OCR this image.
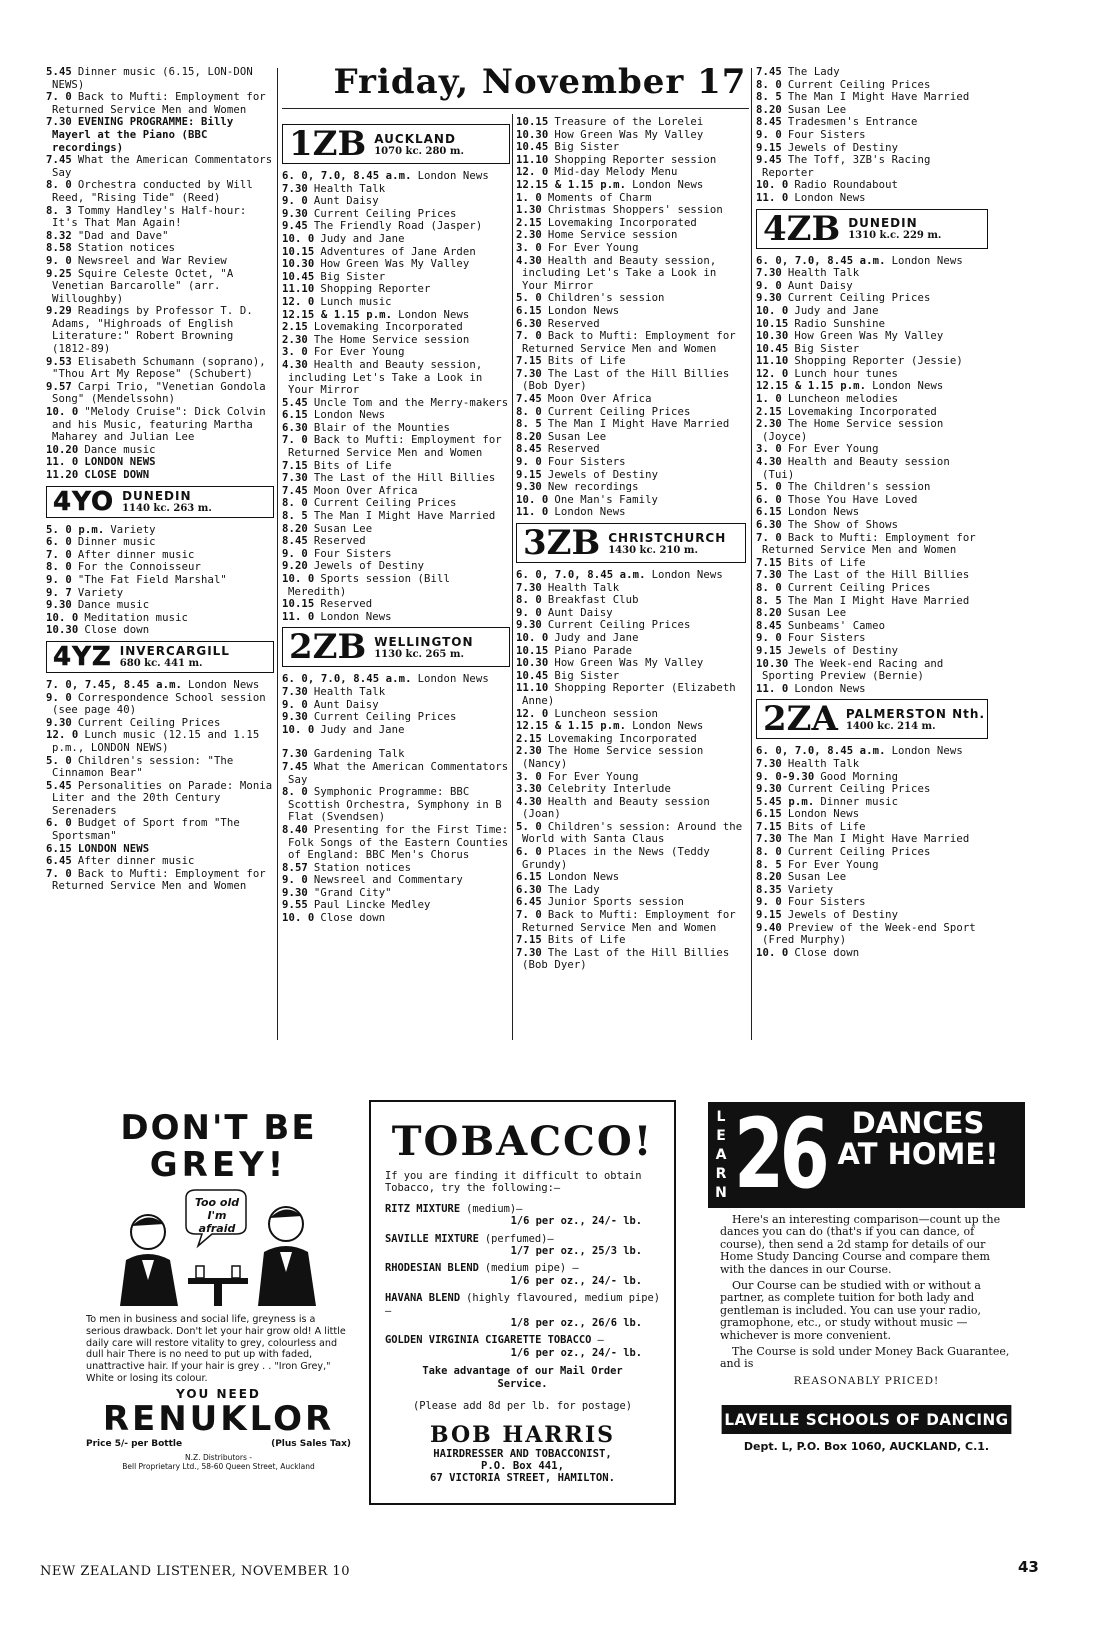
Friday, November 17
5.45 Dinner music (6.15, LON-DON NEWS)
7. 0 Back to Mufti: Employment for Returned Service Men and Women
7.30 EVENING PROGRAMME: Billy Mayerl at the Piano (BBC recordings)
7.45 What the American Commentators Say
8. 0 Orchestra conducted by Will Reed, "Rising Tide" (Reed)
8. 3 Tommy Handley's Half-hour: It's That Man Again!
8.32 "Dad and Dave"
8.58 Station notices
9. 0 Newsreel and War Review
9.25 Squire Celeste Octet, "A Venetian Barcarolle" (arr. Willoughby)
9.29 Readings by Professor T. D. Adams, "Highroads of English Literature:" Robert Browning (1812-89)
9.53 Elisabeth Schumann (soprano), "Thou Art My Repose" (Schubert)
9.57 Carpi Trio, "Venetian Gondola Song" (Mendelssohn)
10. 0 "Melody Cruise": Dick Colvin and his Music, featuring Martha Maharey and Julian Lee
10.20 Dance music
11. 0 LONDON NEWS
11.20 CLOSE DOWN
4YO DUNEDIN
1140 kc. 263 m.
5. 0 p.m. Variety
6. 0 Dinner music
7. 0 After dinner music
8. 0 For the Connoisseur
9. 0 "The Fat Field Marshal"
9. 7 Variety
9.30 Dance music
10. 0 Meditation music
10.30 Close down
4YZ INVERCARGILL
680 kc. 441 m.
7. 0, 7.45, 8.45 a.m. London News
9. 0 Correspondence School session (see page 40)
9.30 Current Ceiling Prices
12. 0 Lunch music (12.15 and 1.15 p.m., LONDON NEWS)
5. 0 Children's session: "The Cinnamon Bear"
5.45 Personalities on Parade: Monia Liter and the 20th Century Serenaders
6. 0 Budget of Sport from "The Sportsman"
6.15 LONDON NEWS
6.45 After dinner music
7. 0 Back to Mufti: Employment for Returned Service Men and Women
1ZB AUCKLAND
1070 kc. 280 m.
6. 0, 7.0, 8.45 a.m. London News
7.30 Health Talk
9. 0 Aunt Daisy
9.30 Current Ceiling Prices
9.45 The Friendly Road (Jasper)
10. 0 Judy and Jane
10.15 Adventures of Jane Arden
10.30 How Green Was My Valley
10.45 Big Sister
11.10 Shopping Reporter
12. 0 Lunch music
12.15 & 1.15 p.m. London News
2.15 Lovemaking Incorporated
2.30 The Home Service session
3. 0 For Ever Young
4.30 Health and Beauty session, including Let's Take a Look in Your Mirror
5.45 Uncle Tom and the Merry-makers
6.15 London News
6.30 Blair of the Mounties
7. 0 Back to Mufti: Employment for Returned Service Men and Women
7.15 Bits of Life
7.30 The Last of the Hill Billies
7.45 Moon Over Africa
8. 0 Current Ceiling Prices
8. 5 The Man I Might Have Married
8.20 Susan Lee
8.45 Reserved
9. 0 Four Sisters
9.20 Jewels of Destiny
10. 0 Sports session (Bill Meredith)
10.15 Reserved
11. 0 London News
2ZB WELLINGTON
1130 kc. 265 m.
6. 0, 7.0, 8.45 a.m. London News
7.30 Health Talk
9. 0 Aunt Daisy
9.30 Current Ceiling Prices
10. 0 Judy and Jane
7.30 Gardening Talk
7.45 What the American Commentators Say
8. 0 Symphonic Programme: BBC Scottish Orchestra, Symphony in B Flat (Svendsen)
8.40 Presenting for the First Time: Folk Songs of the Eastern Counties of England: BBC Men's Chorus
8.57 Station notices
9. 0 Newsreel and Commentary
9.30 "Grand City"
9.55 Paul Lincke Medley
10. 0 Close down
10.15 Treasure of the Lorelei
10.30 How Green Was My Valley
10.45 Big Sister
11.10 Shopping Reporter session
12. 0 Mid-day Melody Menu
12.15 & 1.15 p.m. London News
1. 0 Moments of Charm
1.30 Christmas Shoppers' session
2.15 Lovemaking Incorporated
2.30 Home Service session
3. 0 For Ever Young
4.30 Health and Beauty session, including Let's Take a Look in Your Mirror
5. 0 Children's session
6.15 London News
6.30 Reserved
7. 0 Back to Mufti: Employment for Returned Service Men and Women
7.15 Bits of Life
7.30 The Last of the Hill Billies (Bob Dyer)
7.45 Moon Over Africa
8. 0 Current Ceiling Prices
8. 5 The Man I Might Have Married
8.20 Susan Lee
8.45 Reserved
9. 0 Four Sisters
9.15 Jewels of Destiny
9.30 New recordings
10. 0 One Man's Family
11. 0 London News
3ZB CHRISTCHURCH
1430 kc. 210 m.
6. 0, 7.0, 8.45 a.m. London News
7.30 Health Talk
8. 0 Breakfast Club
9. 0 Aunt Daisy
9.30 Current Ceiling Prices
10. 0 Judy and Jane
10.15 Piano Parade
10.30 How Green Was My Valley
10.45 Big Sister
11.10 Shopping Reporter (Elizabeth Anne)
12. 0 Luncheon session
12.15 & 1.15 p.m. London News
2.15 Lovemaking Incorporated
2.30 The Home Service session (Nancy)
3. 0 For Ever Young
3.30 Celebrity Interlude
4.30 Health and Beauty session (Joan)
5. 0 Children's session: Around the World with Santa Claus
6. 0 Places in the News (Teddy Grundy)
6.15 London News
6.30 The Lady
6.45 Junior Sports session
7. 0 Back to Mufti: Employment for Returned Service Men and Women
7.15 Bits of Life
7.30 The Last of the Hill Billies (Bob Dyer)
7.45 The Lady
8. 0 Current Ceiling Prices
8. 5 The Man I Might Have Married
8.20 Susan Lee
8.45 Tradesmen's Entrance
9. 0 Four Sisters
9.15 Jewels of Destiny
9.45 The Toff, 3ZB's Racing Reporter
10. 0 Radio Roundabout
11. 0 London News
4ZB DUNEDIN
1310 k.c. 229 m.
6. 0, 7.0, 8.45 a.m. London News
7.30 Health Talk
9. 0 Aunt Daisy
9.30 Current Ceiling Prices
10. 0 Judy and Jane
10.15 Radio Sunshine
10.30 How Green Was My Valley
10.45 Big Sister
11.10 Shopping Reporter (Jessie)
12. 0 Lunch hour tunes
12.15 & 1.15 p.m. London News
1. 0 Luncheon melodies
2.15 Lovemaking Incorporated
2.30 The Home Service session (Joyce)
3. 0 For Ever Young
4.30 Health and Beauty session (Tui)
5. 0 The Children's session
6. 0 Those You Have Loved
6.15 London News
6.30 The Show of Shows
7. 0 Back to Mufti: Employment for Returned Service Men and Women
7.15 Bits of Life
7.30 The Last of the Hill Billies
8. 0 Current Ceiling Prices
8. 5 The Man I Might Have Married
8.20 Susan Lee
8.45 Sunbeams' Cameo
9. 0 Four Sisters
9.15 Jewels of Destiny
10.30 The Week-end Racing and Sporting Preview (Bernie)
11. 0 London News
2ZA PALMERSTON Nth.
1400 kc. 214 m.
6. 0, 7.0, 8.45 a.m. London News
7.30 Health Talk
9. 0-9.30 Good Morning
9.30 Current Ceiling Prices
5.45 p.m. Dinner music
6.15 London News
7.15 Bits of Life
7.30 The Man I Might Have Married
8. 0 Current Ceiling Prices
8. 5 For Ever Young
8.20 Susan Lee
8.35 Variety
9. 0 Four Sisters
9.15 Jewels of Destiny
9.40 Preview of the Week-end Sport (Fred Murphy)
10. 0 Close down
DON'T BE
GREY!
Too old I'm afraid
To men in business and social life, greyness is a serious drawback. Don't let your hair grow old! A little daily care will restore vitality to grey, colourless and dull hair There is no need to put up with faded, unattractive hair. If your hair is grey . . "Iron Grey," White or losing its colour.
YOU NEED
RENUKLOR
Price 5/- per Bottle	(Plus Sales Tax)
N.Z. Distributors -
Bell Proprietary Ltd., 58-60 Queen Street, Auckland
TOBACCO!
If you are finding it difficult to obtain Tobacco, try the following:—
RITZ MIXTURE (medium)—
1/6 per oz., 24/- lb.
SAVILLE MIXTURE (perfumed)—
1/7 per oz., 25/3 lb.
RHODESIAN BLEND (medium pipe) —
1/6 per oz., 24/- lb.
HAVANA BLEND (highly flavoured, medium pipe)—
1/8 per oz., 26/6 lb.
GOLDEN VIRGINIA CIGARETTE TOBACCO —
1/6 per oz., 24/- lb.
Take advantage of our Mail Order Service.
(Please add 8d per lb. for postage)
BOB HARRIS
HAIRDRESSER AND TOBACCONIST,
P.O. Box 441,
67 VICTORIA STREET, HAMILTON.
LEARN 26 DANCES AT HOME!
Here's an interesting comparison—count up the dances you can do (that's if you can dance, of course), then send a 2d stamp for details of our Home Study Dancing Course and compare them with the dances in our Course.
Our Course can be studied with or without a partner, as complete tuition for both lady and gentleman is included. You can use your radio, gramophone, etc., or study without music — whichever is more convenient.
The Course is sold under Money Back Guarantee, and is
REASONABLY PRICED!
LAVELLE SCHOOLS OF DANCING
Dept. L, P.O. Box 1060, AUCKLAND, C.1.
NEW ZEALAND LISTENER, NOVEMBER 10	43
